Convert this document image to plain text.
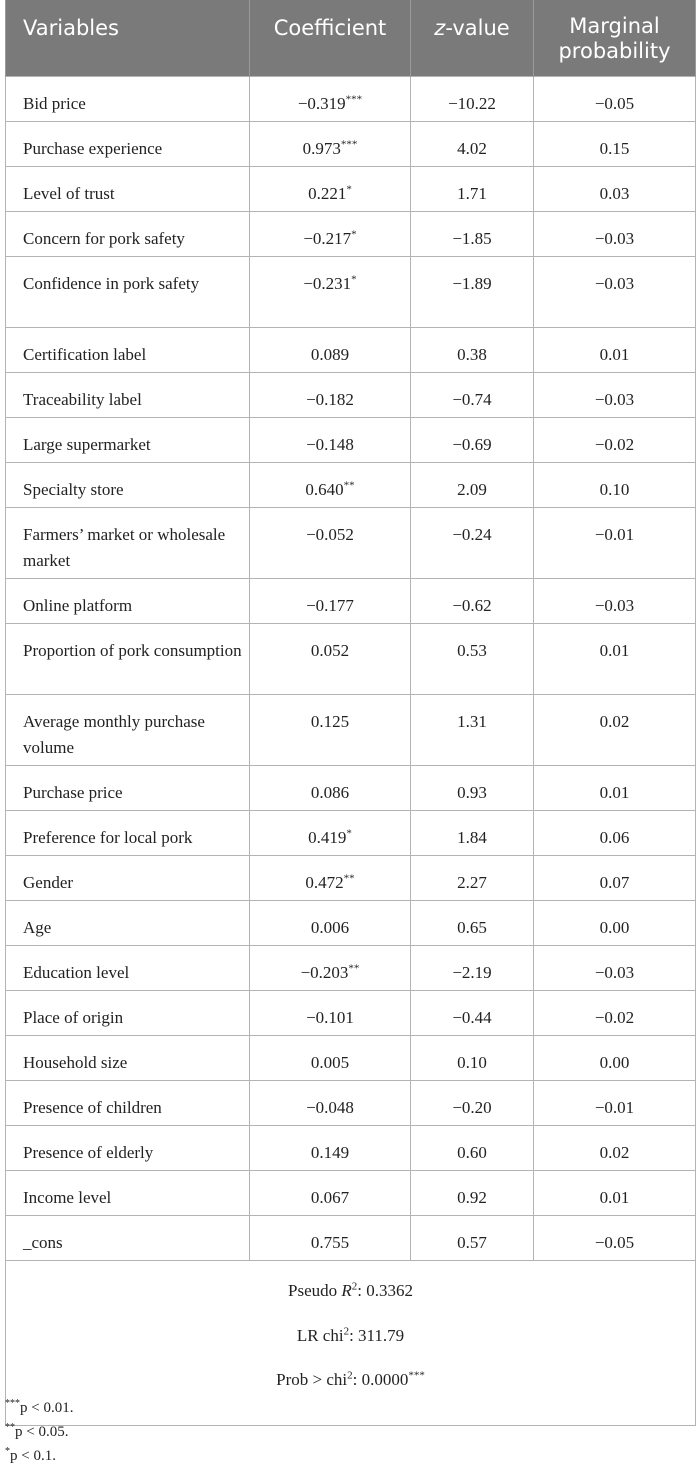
Variables	Coefficient	z-value	Marginal
probability

Bid price	−0.319***	−10.22	−0.05

Purchase experience	0.973***	4.02	0.15

Level of trust	0.221*	1.71	0.03

Concern for pork safety	−0.217*	−1.85	−0.03

Confidence in pork safety	−0.231*	−1.89	−0.03

Certification label	0.089	0.38	0.01

Traceability label	−0.182	−0.74	−0.03

Large supermarket	−0.148	−0.69	−0.02

Specialty store	0.640**	2.09	0.10

Farmers’ market or wholesale market	−0.052	−0.24	−0.01

Online platform	−0.177	−0.62	−0.03

Proportion of pork consumption	0.052	0.53	0.01

Average monthly purchase volume	0.125	1.31	0.02

Purchase price	0.086	0.93	0.01

Preference for local pork	0.419*	1.84	0.06

Gender	0.472**	2.27	0.07

Age	0.006	0.65	0.00

Education level	−0.203**	−2.19	−0.03

Place of origin	−0.101	−0.44	−0.02

Household size	0.005	0.10	0.00

Presence of children	−0.048	−0.20	−0.01

Presence of elderly	0.149	0.60	0.02

Income level	0.067	0.92	0.01

_cons	0.755	0.57	−0.05

Pseudo $R^2$: 0.3362
LR chi$^2$: 311.79
Prob > chi$^2$: 0.0000***
***p < 0.01.
**p < 0.05.
*p < 0.1.
